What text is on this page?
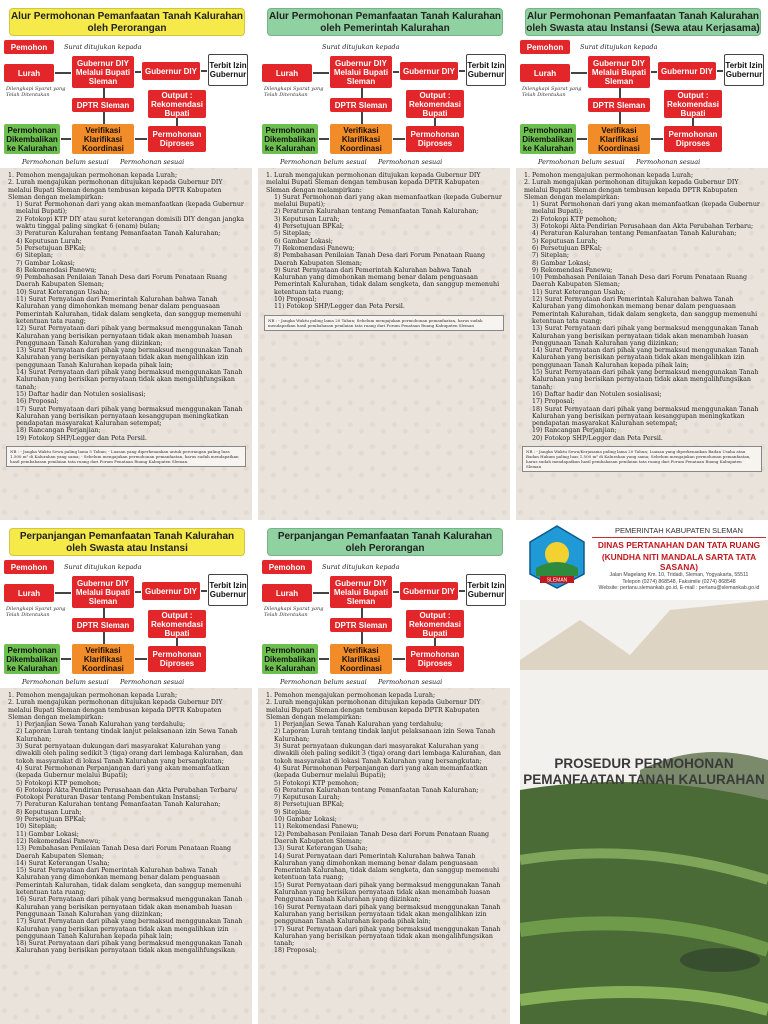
Alur Permohonan Pemanfaatan Tanah Kalurahan oleh Perorangan
Pemohon	Surat ditujukan kepada
Lurah
Gubernur DIY Melalui Bupati Sleman
Gubernur DIY
Terbit Izin Gubernur
Dilengkapi Syarat yang Telah Ditentukan
DPTR Sleman
Output : Rekomendasi Bupati
Permohonan Dikembalikan ke Kalurahan
Verifikasi Klarifikasi Koordinasi
Permohonan Diproses
Permohonan belum sesuai Permohonan sesuai
1. Pemohon mengajukan permohonan kepada Lurah;
2. Lurah mengajukan permohonan ditujukan kepada Gubernur DIY melalui Bupati Sleman dengan tembusan kepada DPTR Kabupaten Sleman dengan melampirkan:
1) Surat Permohonan dari yang akan memanfaatkan (kepada Gubernur melalui Bupati);
2) Fotokopi KTP DIY atau surat keterangan domisili DIY dengan jangka waktu tinggal paling singkat 6 (enam) bulan;
3) Peraturan Kalurahan tentang Pemanfaatan Tanah Kalurahan;
4) Keputusan Lurah;
5) Persetujuan BPKal;
6) Siteplan;
7) Gambar Lokasi;
8) Rekomendasi Panewu;
9) Pembahasan Penilaian Tanah Desa dari Forum Penataan Ruang Daerah Kabupaten Sleman;
10) Surat Keterangan Usaha;
11) Surat Pernyataan dari Pemerintah Kalurahan bahwa Tanah Kalurahan yang dimohonkan memang benar dalam penguasaan Pemerintah Kalurahan, tidak dalam sengketa, dan sanggup memenuhi ketentuan tata ruang;
12) Surat Pernyataan dari pihak yang bermaksud menggunakan Tanah Kalurahan yang berisikan pernyataan tidak akan menambah luasan Penggunaan Tanah Kalurahan yang diizinkan;
13) Surat Pernyataan dari pihak yang bermaksud menggunakan Tanah Kalurahan yang berisikan pernyataan tidak akan mengalihkan izin penggunaan Tanah Kalurahan kepada pihak lain;
14) Surat Pernyataan dari pihak yang bermaksud menggunakan Tanah Kalurahan yang berisikan pernyataan tidak akan mengalihfungsikan tanah;
15) Daftar hadir dan Notulen sosialisasi;
16) Proposal;
17) Surat Pernyataan dari pihak yang bermaksud menggunakan Tanah Kalurahan yang berisikan pernyataan kesanggupan meningkatkan pendapatan masyarakat Kalurahan setempat;
18) Rancangan Perjanjian;
19) Fotokop SHP/Legger dan Peta Persil.
NB : - Jangka Waktu Sewa paling lama 5 Tahun; - Luasan yang diperkenankan untuk perorangan paling luas 1.500 m² di Kalurahan yang sama; - Sebelum mengajukan permohonan pemanfaatan, harus sudah mendapatkan hasil pembahasan penilaian tata ruang dari Forum Penataan Ruang Kabupaten Sleman.
Alur Permohonan Pemanfaatan Tanah Kalurahan oleh Pemerintah Kalurahan
Surat ditujukan kepada
Lurah
Gubernur DIY Melalui Bupati Sleman
Gubernur DIY
Terbit Izin Gubernur
Dilengkapi Syarat yang Telah Ditentukan
DPTR Sleman
Output : Rekomendasi Bupati
Permohonan Dikembalikan ke Kalurahan
Verifikasi Klarifikasi Koordinasi
Permohonan Diproses
Permohonan belum sesuai Permohonan sesuai
1. Lurah mengajukan permohonan ditujukan kepada Gubernur DIY melalui Bupati Sleman dengan tembusan kepada DPTR Kabupaten Sleman dengan melampirkan:
1) Surat Permohonan dari yang akan memanfaatkan (kepada Gubernur melalui Bupati);
2) Peraturan Kalurahan tentang Pemanfaatan Tanah Kalurahan;
3) Keputusan Lurah;
4) Persetujuan BPKal;
5) Siteplan;
6) Gambar Lokasi;
7) Rekomendasi Panewu;
8) Pembahasan Penilaian Tanah Desa dari Forum Penataan Ruang Daerah Kabupaten Sleman;
9) Surat Pernyataan dari Pemerintah Kalurahan bahwa Tanah Kalurahan yang dimohonkan memang benar dalam penguasaan Pemerintah Kalurahan, tidak dalam sengketa, dan sanggup memenuhi ketentuan tata ruang;
10) Proposal;
11) Fotokop SHP/Legger dan Peta Persil.
NB : - Jangka Waktu paling lama 20 Tahun; Sebelum mengajukan permohonan pemanfaatan, harus sudah mendapatkan hasil pembahasan penilaian tata ruang dari Forum Penataan Ruang Kabupaten Sleman
Alur Permohonan Pemanfaatan Tanah Kalurahan oleh Swasta atau Instansi (Sewa atau Kerjasama)
Pemohon	Surat ditujukan kepada
Lurah
Gubernur DIY Melalui Bupati Sleman
Gubernur DIY
Terbit Izin Gubernur
Dilengkapi Syarat yang Telah Ditentukan
DPTR Sleman
Output : Rekomendasi Bupati
Permohonan Dikembalikan ke Kalurahan
Verifikasi Klarifikasi Koordinasi
Permohonan Diproses
Permohonan belum sesuai Permohonan sesuai
1. Pemohon mengajukan permohonan kepada Lurah;
2. Lurah mengajukan permohonan ditujukan kepada Gubernur DIY melalui Bupati Sleman dengan tembusan kepada DPTR Kabupaten Sleman dengan melampirkan:
1) Surat Permohonan dari yang akan memanfaatkan (kepada Gubernur melalui Bupati);
2) Fotokopi KTP pemohon;
3) Fotokopi Akta Pendirian Perusahaan dan Akta Perubahan Terbaru;
4) Peraturan Kalurahan tentang Pemanfaatan Tanah Kalurahan;
5) Keputusan Lurah;
6) Persetujuan BPKal;
7) Siteplan;
8) Gambar Lokasi;
9) Rekomendasi Panewu;
10) Pembahasan Penilaian Tanah Desa dari Forum Penataan Ruang Daerah Kabupaten Sleman;
11) Surat Keterangan Usaha;
12) Surat Pernyataan dari Pemerintah Kalurahan bahwa Tanah Kalurahan yang dimohonkan memang benar dalam penguasaan Pemerintah Kalurahan, tidak dalam sengketa, dan sanggup memenuhi ketentuan tata ruang;
13) Surat Pernyataan dari pihak yang bermaksud menggunakan Tanah Kalurahan yang berisikan pernyataan tidak akan menambah luasan Penggunaan Tanah Kalurahan yang diizinkan;
14) Surat Pernyataan dari pihak yang bermaksud menggunakan Tanah Kalurahan yang berisikan pernyataan tidak akan mengalihkan izin penggunaan Tanah Kalurahan kepada pihak lain;
15) Surat Pernyataan dari pihak yang bermaksud menggunakan Tanah Kalurahan yang berisikan pernyataan tidak akan mengalihfungsikan tanah;
16) Daftar hadir dan Notulen sosialisasi;
17) Proposal;
18) Surat Pernyataan dari pihak yang bermaksud menggunakan Tanah Kalurahan yang berisikan pernyataan kesanggupan meningkatkan pendapatan masyarakat Kalurahan setempat;
19) Rancangan Perjanjian;
20) Fotokop SHP/Legger dan Peta Persil.
NB : - Jangka Waktu Sewa/Kerjasama paling lama 20 Tahun; Luasan yang diperkenankan Badan Usaha atau Badan Hukum paling luas 1.500 m² di Kalurahan yang sama; Sebelum mengajukan permohonan pemanfaatan, harus sudah mendapatkan hasil pembahasan penilaian tata ruang dari Forum Penataan Ruang Kabupaten Sleman
Perpanjangan Pemanfaatan Tanah Kalurahan oleh Swasta atau Instansi
Pemohon	Surat ditujukan kepada
Lurah
Gubernur DIY Melalui Bupati Sleman
Gubernur DIY
Terbit Izin Gubernur
Dilengkapi Syarat yang Telah Ditentukan
DPTR Sleman
Output : Rekomendasi Bupati
Permohonan Dikembalikan ke Kalurahan
Verifikasi Klarifikasi Koordinasi
Permohonan Diproses
Permohonan belum sesuai Permohonan sesuai
1. Pemohon mengajukan permohonan kepada Lurah;
2. Lurah mengajukan permohonan ditujukan kepada Gubernur DIY melalui Bupati Sleman dengan tembusan kepada DPTR Kabupaten Sleman dengan melampirkan:
1) Perjanjian Sewa Tanah Kalurahan yang terdahulu;
2) Laporan Lurah tentang tindak lanjut pelaksanaan izin Sewa Tanah Kalurahan;
3) Surat pernyataan dukungan dari masyarakat Kalurahan yang diwakili oleh paling sedikit 3 (tiga) orang dari lembaga Kalurahan, dan tokoh masyarakat di lokasi Tanah Kalurahan yang bersangkutan;
4) Surat Permohonan Perpanjangan dari yang akan memanfaatkan (kepada Gubernur melalui Bupati);
5) Fotokopi KTP pemohon;
6) Fotokopi Akta Pendirian Perusahaan dan Akta Perubahan Terbaru/ Fotokopi Peraturan Dasar tentang Pembentukan Instansi;
7) Peraturan Kalurahan tentang Pemanfaatan Tanah Kalurahan;
8) Keputusan Lurah;
9) Persetujuan BPKal;
10) Siteplan;
11) Gambar Lokasi;
12) Rekomendasi Panewu;
13) Pembahasan Penilaian Tanah Desa dari Forum Penataan Ruang Daerah Kabupaten Sleman;
14) Surat Keterangan Usaha;
15) Surat Pernyataan dari Pemerintah Kalurahan bahwa Tanah Kalurahan yang dimohonkan memang benar dalam penguasaan Pemerintah Kalurahan, tidak dalam sengketa, dan sanggup memenuhi ketentuan tata ruang;
16) Surat Pernyataan dari pihak yang bermaksud menggunakan Tanah Kalurahan yang berisikan pernyataan tidak akan menambah luasan Penggunaan Tanah Kalurahan yang diizinkan;
17) Surat Pernyataan dari pihak yang bermaksud menggunakan Tanah Kalurahan yang berisikan pernyataan tidak akan mengalihkan izin penggunaan Tanah Kalurahan kepada pihak lain;
18) Surat Pernyataan dari pihak yang bermaksud menggunakan Tanah Kalurahan yang berisikan pernyataan tidak akan mengalihfungsikan
Perpanjangan Pemanfaatan Tanah Kalurahan oleh Perorangan
Pemohon	Surat ditujukan kepada
Lurah
Gubernur DIY Melalui Bupati Sleman
Gubernur DIY
Terbit Izin Gubernur
Dilengkapi Syarat yang Telah Ditentukan
DPTR Sleman
Output : Rekomendasi Bupati
Permohonan Dikembalikan ke Kalurahan
Verifikasi Klarifikasi Koordinasi
Permohonan Diproses
Permohonan belum sesuai Permohonan sesuai
1. Pemohon mengajukan permohonan kepada Lurah;
2. Lurah mengajukan permohonan ditujukan kepada Gubernur DIY melalui Bupati Sleman dengan tembusan kepada DPTR Kabupaten Sleman dengan melampirkan:
1) Perjanjian Sewa Tanah Kalurahan yang terdahulu;
2) Laporan Lurah tentang tindak lanjut pelaksanaan izin Sewa Tanah Kalurahan;
3) Surat pernyataan dukungan dari masyarakat Kalurahan yang diwakili oleh paling sedikit 3 (tiga) orang dari lembaga Kalurahan, dan tokoh masyarakat di lokasi Tanah Kalurahan yang bersangkutan;
4) Surat Permohonan Perpanjangan dari yang akan memanfaatkan (kepada Gubernur melalui Bupati);
5) Fotokopi KTP pemohon;
6) Peraturan Kalurahan tentang Pemanfaatan Tanah Kalurahan;
7) Keputusan Lurah;
8) Persetujuan BPKal;
9) Siteplan;
10) Gambar Lokasi;
11) Rekomendasi Panewu;
12) Pembahasan Penilaian Tanah Desa dari Forum Penataan Ruang Daerah Kabupaten Sleman;
13) Surat Keterangan Usaha;
14) Surat Pernyataan dari Pemerintah Kalurahan bahwa Tanah Kalurahan yang dimohonkan memang benar dalam penguasaan Pemerintah Kalurahan, tidak dalam sengketa, dan sanggup memenuhi ketentuan tata ruang;
15) Surat Pernyataan dari pihak yang bermaksud menggunakan Tanah Kalurahan yang berisikan pernyataan tidak akan menambah luasan Penggunaan Tanah Kalurahan yang diizinkan;
16) Surat Pernyataan dari pihak yang bermaksud menggunakan Tanah Kalurahan yang berisikan pernyataan tidak akan mengalihkan izin penggunaan Tanah Kalurahan kepada pihak lain;
17) Surat Pernyataan dari pihak yang bermaksud menggunakan Tanah Kalurahan yang berisikan pernyataan tidak akan mengalihfungsikan tanah;
18) Proposal;
SLEMAN
PEMERINTAH KABUPATEN SLEMAN
DINAS PERTANAHAN DAN TATA RUANG
(KUNDHA NITI MANDALA SARTA TATA SASANA)
Jalan Magelang Km. 10, Tridadi, Sleman, Yogyakarta, 55511
Telepon (0274) 868548, Faksimile (0274) 868548
Website: pertanu.slemankab.go.id, E-mail : pertanu@slemankab.go.id
PROSEDUR PERMOHONAN PEMANFAATAN TANAH KALURAHAN
